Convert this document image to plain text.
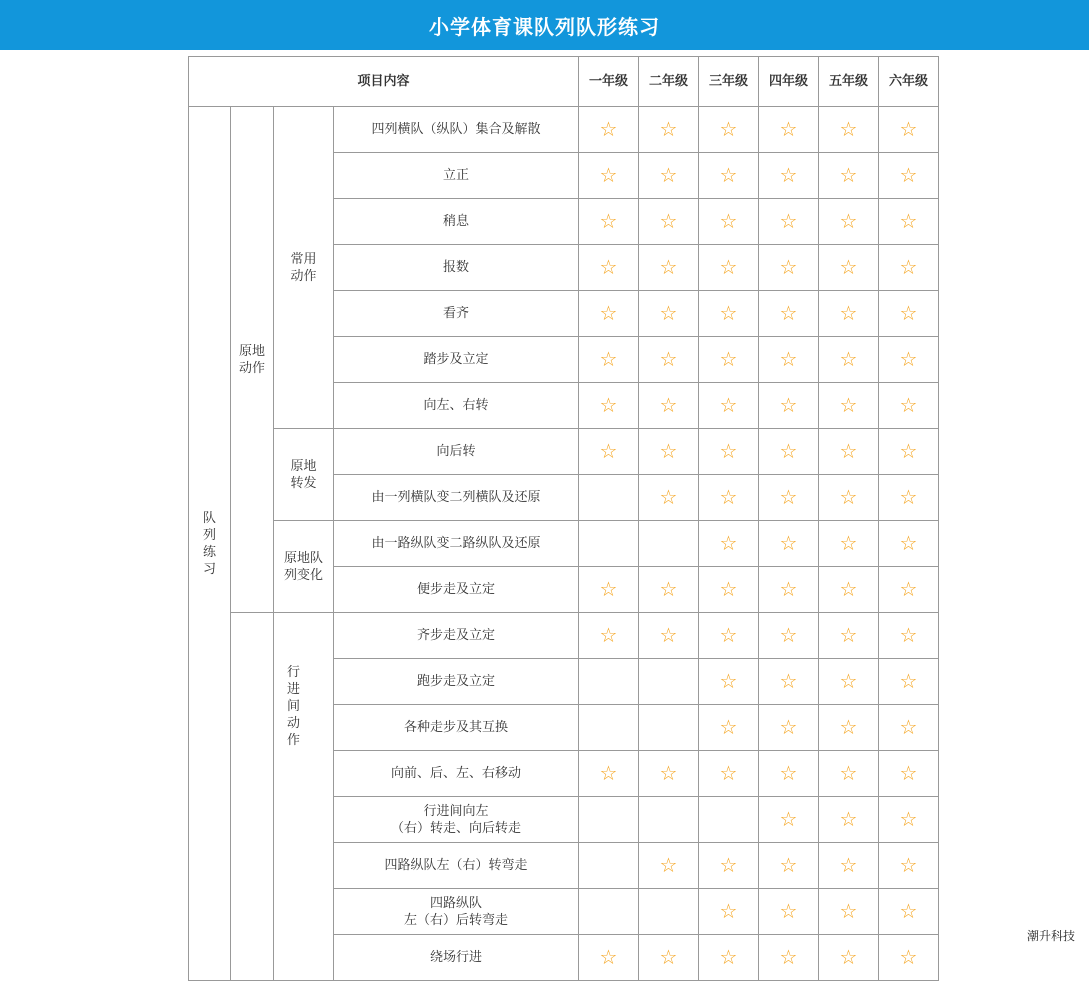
小学体育课队列队形练习
项目内容				一年级	二年级	三年级	四年级	五年级	六年级
队列练习	原地动作	常用动作	四列横队（纵队）集合及解散	☆	☆	☆	☆	☆	☆
			立正	☆	☆	☆	☆	☆	☆
			稍息	☆	☆	☆	☆	☆	☆
			报数	☆	☆	☆	☆	☆	☆
			看齐	☆	☆	☆	☆	☆	☆
			踏步及立定	☆	☆	☆	☆	☆	☆
			向左、右转	☆	☆	☆	☆	☆	☆
		原地转发	向后转	☆	☆	☆	☆	☆	☆
			由一列横队变二列横队及还原		☆	☆	☆	☆	☆
		原地队列变化	由一路纵队变二路纵队及还原			☆	☆	☆	☆
			便步走及立定	☆	☆	☆	☆	☆	☆
		行进间动作	齐步走及立定	☆	☆	☆	☆	☆	☆
			跑步走及立定			☆	☆	☆	☆
			各种走步及其互换			☆	☆	☆	☆
			向前、后、左、右移动	☆	☆	☆	☆	☆	☆
			行进间向左
（右）转走、向后转走				☆	☆	☆
			四路纵队左（右）转弯走		☆	☆	☆	☆	☆
			四路纵队
左（右）后转弯走			☆	☆	☆	☆
			绕场行进	☆	☆	☆	☆	☆	☆
潮升科技
